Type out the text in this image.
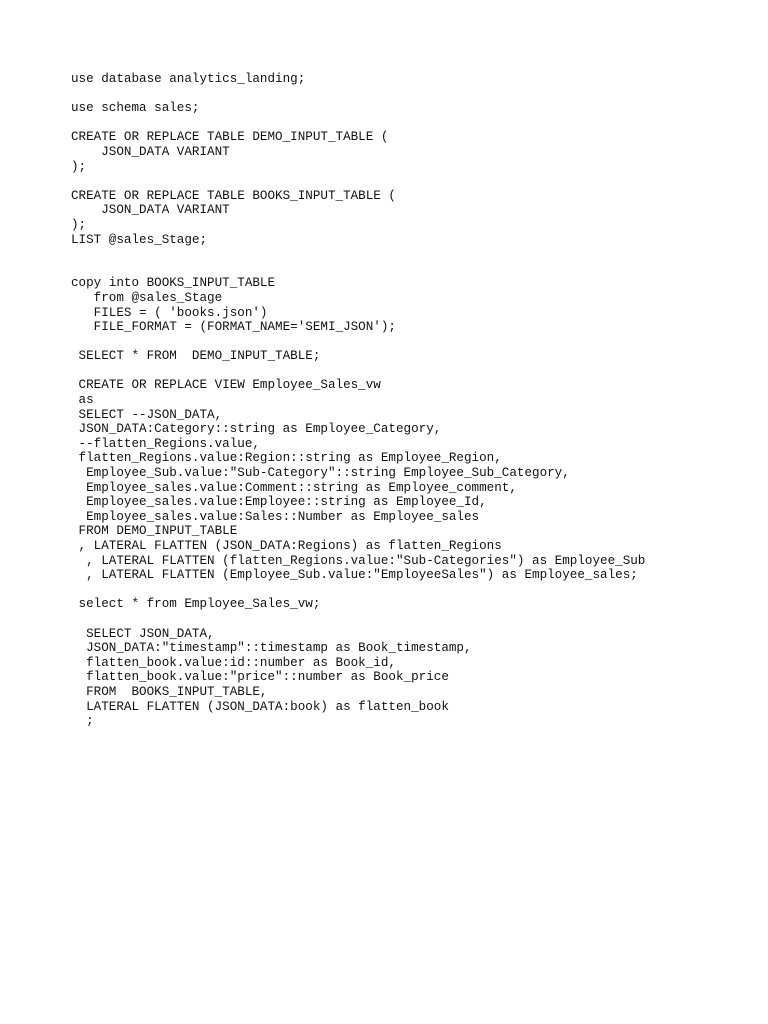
use database analytics_landing;
use schema sales;
CREATE OR REPLACE TABLE DEMO_INPUT_TABLE (
JSON_DATA VARIANT
);
CREATE OR REPLACE TABLE BOOKS_INPUT_TABLE (
JSON_DATA VARIANT
);
LIST @sales_Stage;
copy into BOOKS_INPUT_TABLE
from @sales_Stage
FILES = ( 'books.json')
FILE_FORMAT = (FORMAT_NAME='SEMI_JSON');
SELECT * FROM  DEMO_INPUT_TABLE;
CREATE OR REPLACE VIEW Employee_Sales_vw
as
SELECT --JSON_DATA,
JSON_DATA:Category::string as Employee_Category,
--flatten_Regions.value,
flatten_Regions.value:Region::string as Employee_Region,
Employee_Sub.value:"Sub-Category"::string Employee_Sub_Category,
Employee_sales.value:Comment::string as Employee_comment,
Employee_sales.value:Employee::string as Employee_Id,
Employee_sales.value:Sales::Number as Employee_sales
FROM DEMO_INPUT_TABLE
, LATERAL FLATTEN (JSON_DATA:Regions) as flatten_Regions
, LATERAL FLATTEN (flatten_Regions.value:"Sub-Categories") as Employee_Sub
, LATERAL FLATTEN (Employee_Sub.value:"EmployeeSales") as Employee_sales;
select * from Employee_Sales_vw;
SELECT JSON_DATA,
JSON_DATA:"timestamp"::timestamp as Book_timestamp,
flatten_book.value:id::number as Book_id,
flatten_book.value:"price"::number as Book_price
FROM  BOOKS_INPUT_TABLE,
LATERAL FLATTEN (JSON_DATA:book) as flatten_book
;
